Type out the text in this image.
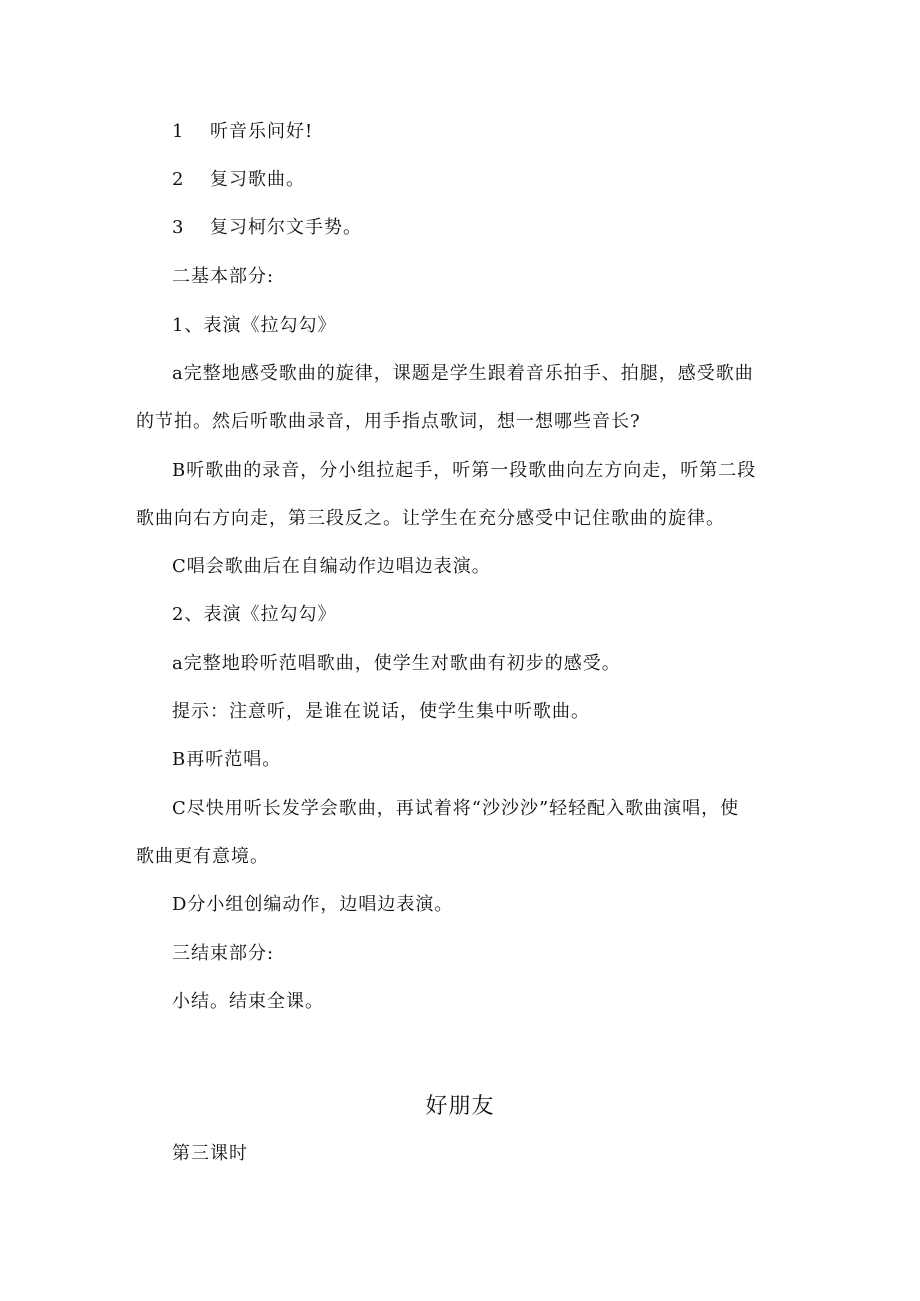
1 听音乐问好!
2 复习歌曲。
3 复习柯尔文手势。
二基本部分:
1、表演《拉勾勾》
a完整地感受歌曲的旋律，课题是学生跟着音乐拍手、拍腿，感受歌曲
的节拍。然后听歌曲录音，用手指点歌词，想一想哪些音长?
B听歌曲的录音，分小组拉起手，听第一段歌曲向左方向走，听第二段
歌曲向右方向走，第三段反之。让学生在充分感受中记住歌曲的旋律。
C唱会歌曲后在自编动作边唱边表演。
2、表演《拉勾勾》
a完整地聆听范唱歌曲，使学生对歌曲有初步的感受。
提示：注意听，是谁在说话，使学生集中听歌曲。
B再听范唱。
C尽快用听长发学会歌曲，再试着将“沙沙沙”轻轻配入歌曲演唱，使
歌曲更有意境。
D分小组创编动作，边唱边表演。
三结束部分:
小结。结束全课。
好朋友
第三课时
